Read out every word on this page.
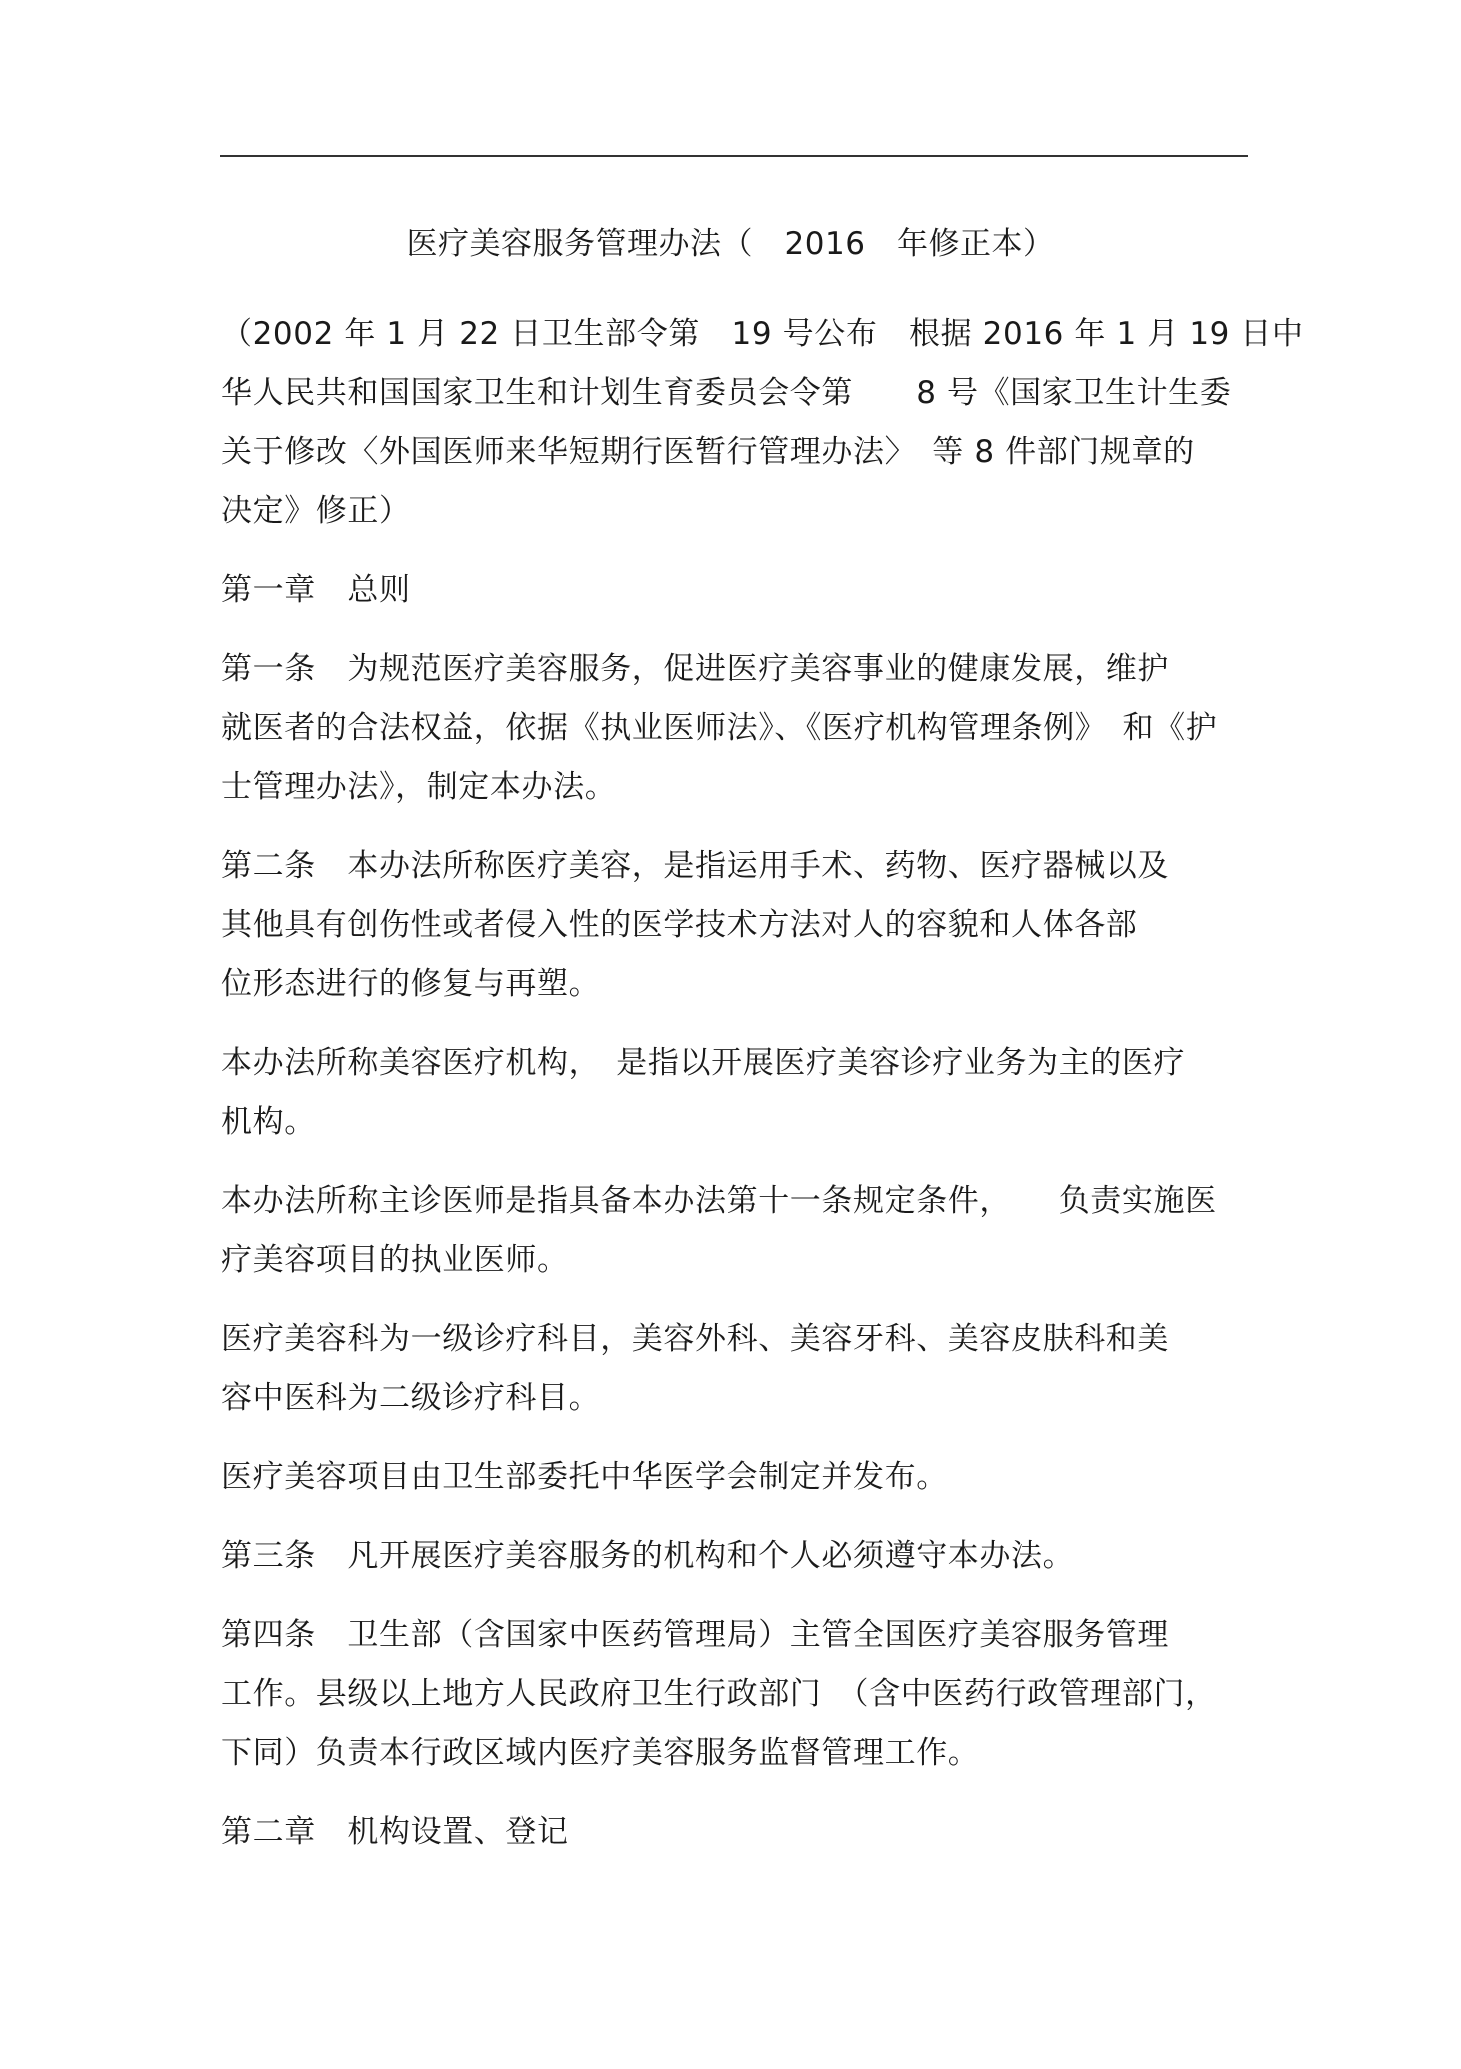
医疗美容服务管理办法（　2016　年修正本）
（2002 年 1 月 22 日卫生部令第　19 号公布　根据 2016 年 1 月 19 日中
华人民共和国国家卫生和计划生育委员会令第　　8 号《国家卫生计生委
关于修改〈外国医师来华短期行医暂行管理办法〉　等 8 件部门规章的
决定》修正）
第一章　总则
第一条　为规范医疗美容服务，促进医疗美容事业的健康发展，维护
就医者的合法权益，依据《执业医师法》、《医疗机构管理条例》　和《护
士管理办法》，制定本办法。
第二条　本办法所称医疗美容，是指运用手术、药物、医疗器械以及
其他具有创伤性或者侵入性的医学技术方法对人的容貌和人体各部
位形态进行的修复与再塑。
本办法所称美容医疗机构，　是指以开展医疗美容诊疗业务为主的医疗
机构。
本办法所称主诊医师是指具备本办法第十一条规定条件，　　负责实施医
疗美容项目的执业医师。
医疗美容科为一级诊疗科目，美容外科、美容牙科、美容皮肤科和美
容中医科为二级诊疗科目。
医疗美容项目由卫生部委托中华医学会制定并发布。
第三条　凡开展医疗美容服务的机构和个人必须遵守本办法。
第四条　卫生部（含国家中医药管理局）主管全国医疗美容服务管理
工作。县级以上地方人民政府卫生行政部门　（含中医药行政管理部门，
下同）负责本行政区域内医疗美容服务监督管理工作。
第二章　机构设置、登记
